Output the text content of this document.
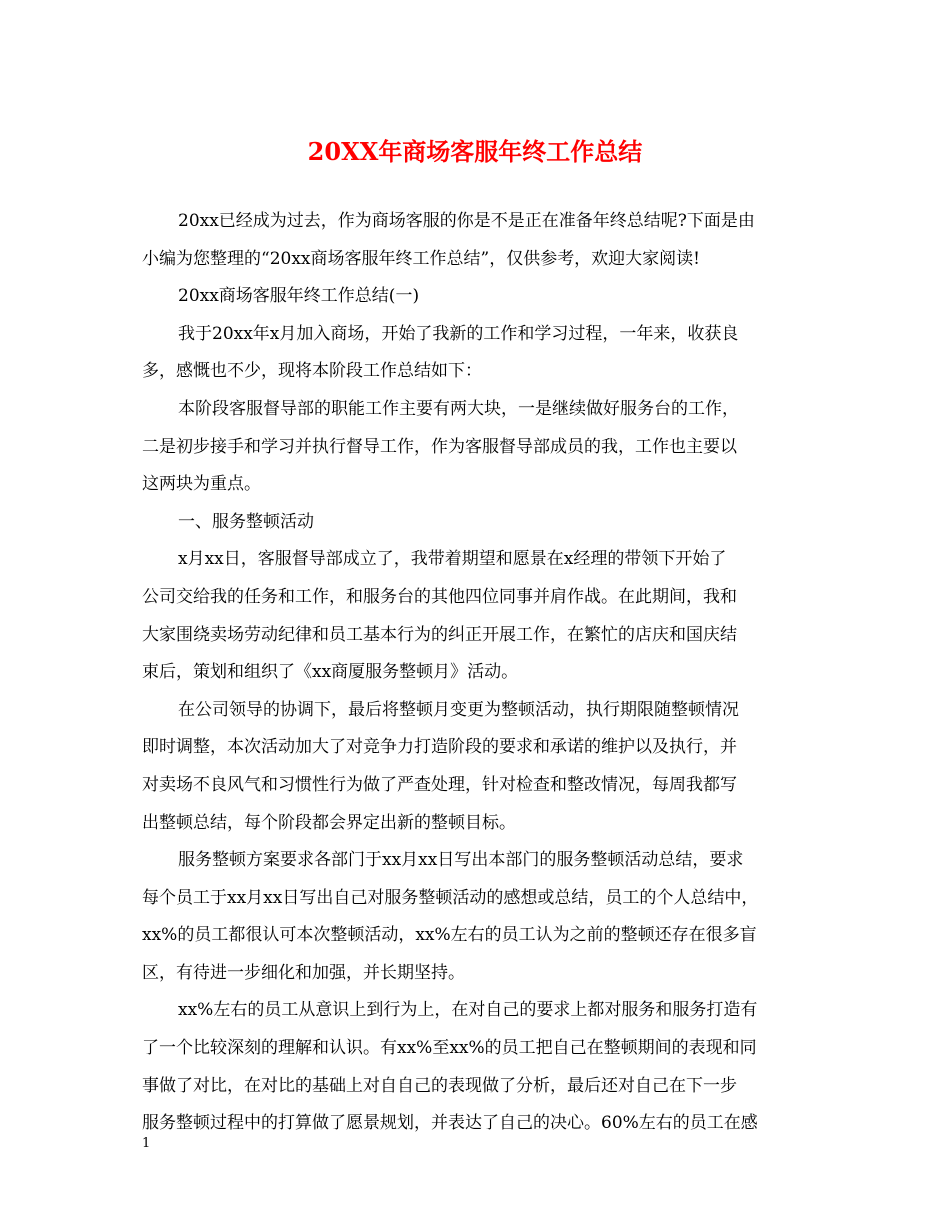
20XX年商场客服年终工作总结
20xx已经成为过去，作为商场客服的你是不是正在准备年终总结呢?下面是由
小编为您整理的“20xx商场客服年终工作总结”，仅供参考，欢迎大家阅读!
20xx商场客服年终工作总结(一)
我于20xx年x月加入商场，开始了我新的工作和学习过程，一年来，收获良
多，感慨也不少，现将本阶段工作总结如下：
本阶段客服督导部的职能工作主要有两大块，一是继续做好服务台的工作，
二是初步接手和学习并执行督导工作，作为客服督导部成员的我，工作也主要以
这两块为重点。
一、服务整顿活动
x月xx日，客服督导部成立了，我带着期望和愿景在x经理的带领下开始了
公司交给我的任务和工作，和服务台的其他四位同事并肩作战。在此期间，我和
大家围绕卖场劳动纪律和员工基本行为的纠正开展工作，在繁忙的店庆和国庆结
束后，策划和组织了《xx商厦服务整顿月》活动。
在公司领导的协调下，最后将整顿月变更为整顿活动，执行期限随整顿情况
即时调整，本次活动加大了对竞争力打造阶段的要求和承诺的维护以及执行，并
对卖场不良风气和习惯性行为做了严查处理，针对检查和整改情况，每周我都写
出整顿总结，每个阶段都会界定出新的整顿目标。
服务整顿方案要求各部门于xx月xx日写出本部门的服务整顿活动总结，要求
每个员工于xx月xx日写出自己对服务整顿活动的感想或总结，员工的个人总结中，
xx%的员工都很认可本次整顿活动，xx%左右的员工认为之前的整顿还存在很多盲
区，有待进一步细化和加强，并长期坚持。
xx%左右的员工从意识上到行为上，在对自己的要求上都对服务和服务打造有
了一个比较深刻的理解和认识。有xx%至xx%的员工把自己在整顿期间的表现和同
事做了对比，在对比的基础上对自自己的表现做了分析，最后还对自己在下一步
服务整顿过程中的打算做了愿景规划，并表达了自己的决心。60%左右的员工在感
1
